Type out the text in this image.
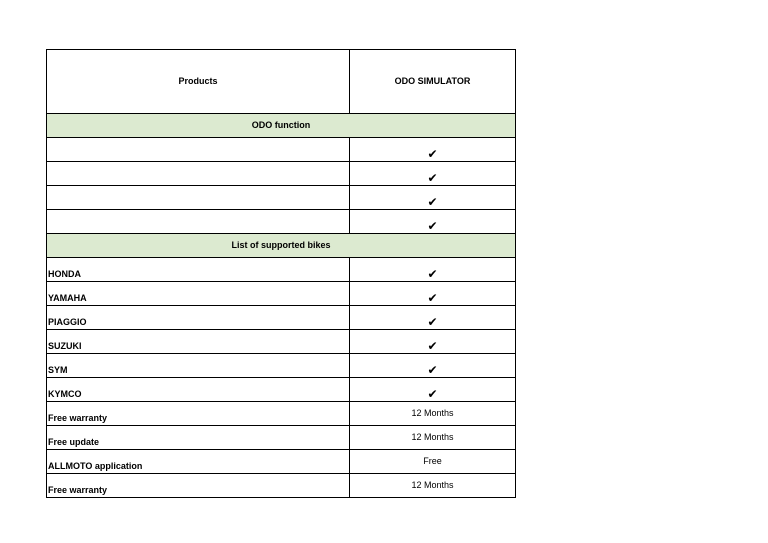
Products	ODO SIMULATOR
ODO function	
	✔
	✔
	✔
	✔
List of supported bikes	
HONDA	✔
YAMAHA	✔
PIAGGIO	✔
SUZUKI	✔
SYM	✔
KYMCO	✔
Free warranty	12 Months
Free update	12 Months
ALLMOTO application	Free
Free warranty	12 Months
